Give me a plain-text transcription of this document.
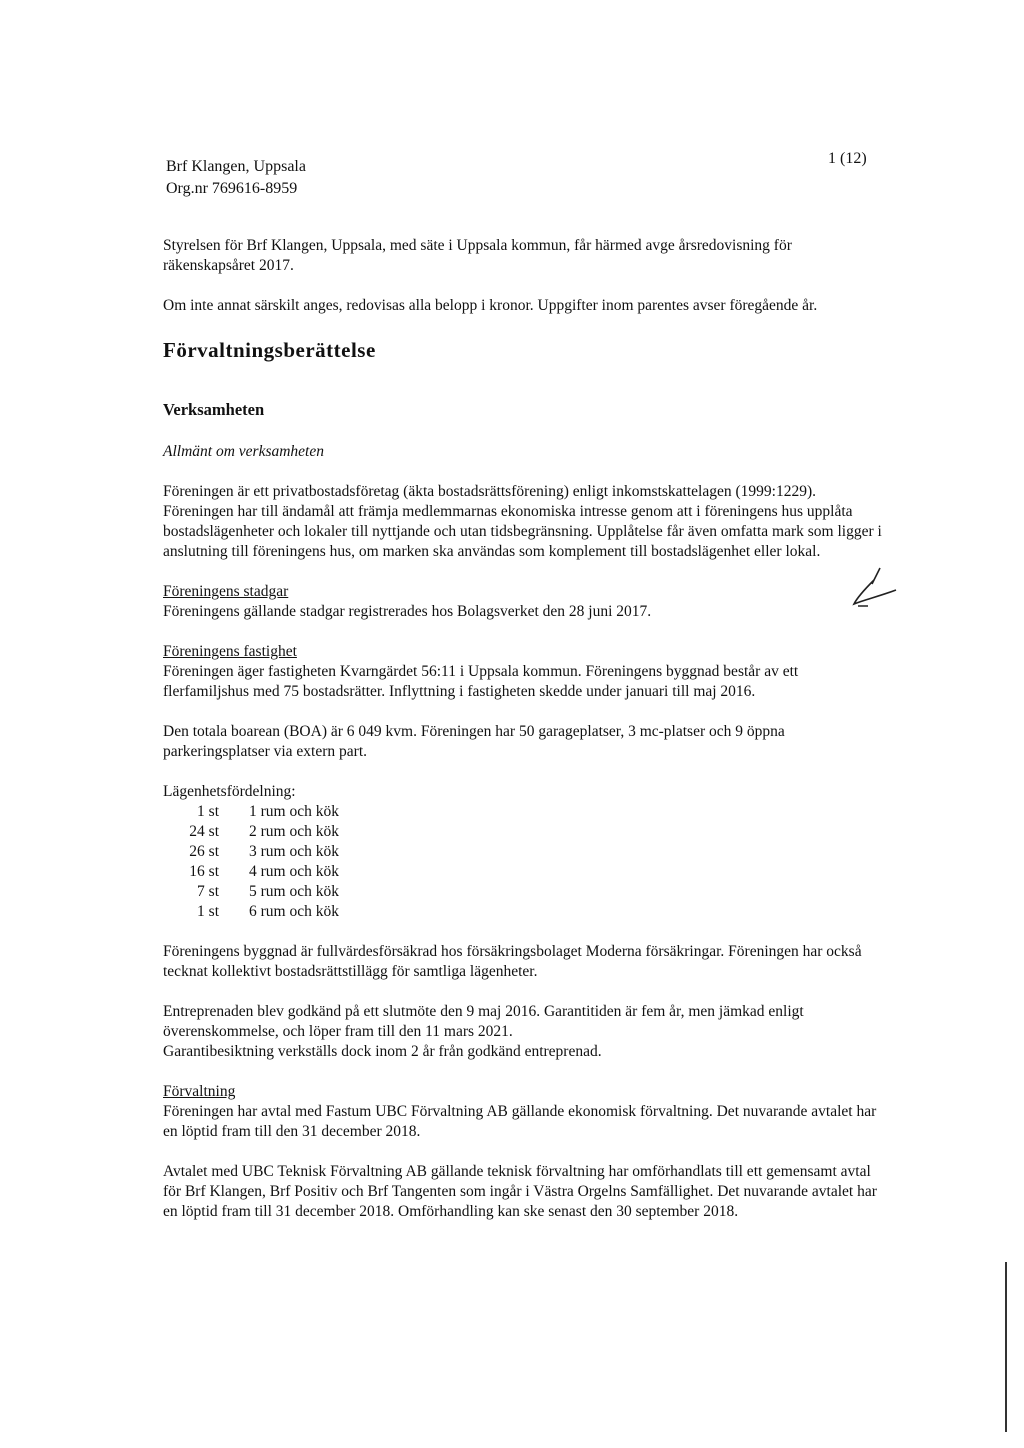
Brf Klangen, Uppsala
Org.nr 769616-8959
1 (12)

Styrelsen för Brf Klangen, Uppsala, med säte i Uppsala kommun, får härmed avge årsredovisning för räkenskapsåret 2017.

Om inte annat särskilt anges, redovisas alla belopp i kronor. Uppgifter inom parentes avser föregående år.

Förvaltningsberättelse

Verksamheten

Allmänt om verksamheten

Föreningen är ett privatbostadsföretag (äkta bostadsrättsförening) enligt inkomstskattelagen (1999:1229). Föreningen har till ändamål att främja medlemmarnas ekonomiska intresse genom att i föreningens hus upplåta bostadslägenheter och lokaler till nyttjande och utan tidsbegränsning. Upplåtelse får även omfatta mark som ligger i anslutning till föreningens hus, om marken ska användas som komplement till bostadslägenhet eller lokal.

Föreningens stadgar

Föreningens gällande stadgar registrerades hos Bolagsverket den 28 juni 2017.

Föreningens fastighet

Föreningen äger fastigheten Kvarngärdet 56:11 i Uppsala kommun. Föreningens byggnad består av ett flerfamiljshus med 75 bostadsrätter. Inflyttning i fastigheten skedde under januari till maj 2016.

Den totala boarean (BOA) är 6 049 kvm. Föreningen har 50 garageplatser, 3 mc-platser och 9 öppna parkeringsplatser via extern part.

Lägenhetsfördelning:

1 st	1 rum och kök
24 st	2 rum och kök
26 st	3 rum och kök
16 st	4 rum och kök
7 st	5 rum och kök
1 st	6 rum och kök

Föreningens byggnad är fullvärdesförsäkrad hos försäkringsbolaget Moderna försäkringar. Föreningen har också tecknat kollektivt bostadsrättstillägg för samtliga lägenheter.

Entreprenaden blev godkänd på ett slutmöte den 9 maj 2016. Garantitiden är fem år, men jämkad enligt överenskommelse, och löper fram till den 11 mars 2021.

Garantibesiktning verkställs dock inom 2 år från godkänd entreprenad.

Förvaltning

Föreningen har avtal med Fastum UBC Förvaltning AB gällande ekonomisk förvaltning. Det nuvarande avtalet har en löptid fram till den 31 december 2018.

Avtalet med UBC Teknisk Förvaltning AB gällande teknisk förvaltning har omförhandlats till ett gemensamt avtal för Brf Klangen, Brf Positiv och Brf Tangenten som ingår i Västra Orgelns Samfällighet. Det nuvarande avtalet har en löptid fram till 31 december 2018. Omförhandling kan ske senast den 30 september 2018.
